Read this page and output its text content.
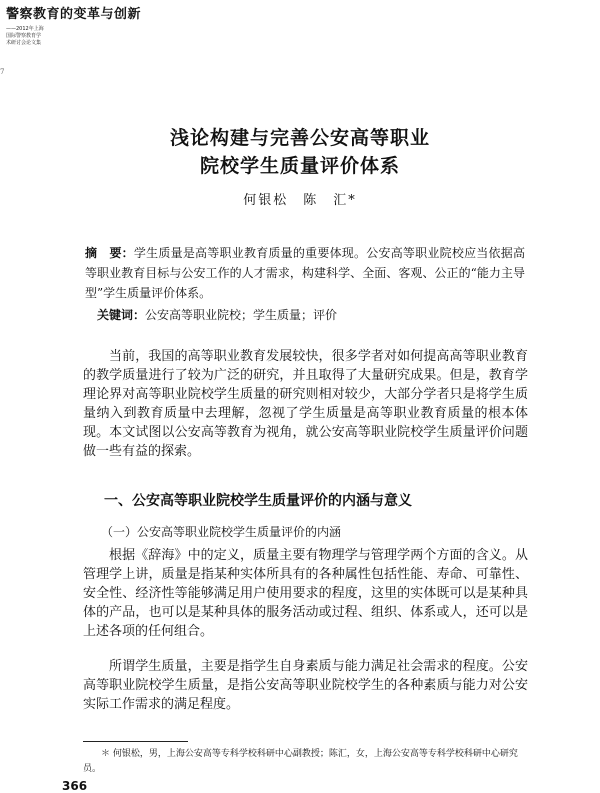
警察教育的变革与创新
——2012年上海
国际警察教育学
术研讨会论文集
7
浅论构建与完善公安高等职业
院校学生质量评价体系
何银松　陈　汇*
摘　要：学生质量是高等职业教育质量的重要体现。公安高等职业院校应当依据高等职业教育目标与公安工作的人才需求，构建科学、全面、客观、公正的“能力主导型”学生质量评价体系。
关键词：公安高等职业院校；学生质量；评价

当前，我国的高等职业教育发展较快，很多学者对如何提高高等职业教育的教学质量进行了较为广泛的研究，并且取得了大量研究成果。但是，教育学理论界对高等职业院校学生质量的研究则相对较少，大部分学者只是将学生质量纳入到教育质量中去理解，忽视了学生质量是高等职业教育质量的根本体现。本文试图以公安高等教育为视角，就公安高等职业院校学生质量评价问题做一些有益的探索。

一、公安高等职业院校学生质量评价的内涵与意义
（一）公安高等职业院校学生质量评价的内涵

根据《辞海》中的定义，质量主要有物理学与管理学两个方面的含义。从管理学上讲，质量是指某种实体所具有的各种属性包括性能、寿命、可靠性、安全性、经济性等能够满足用户使用要求的程度，这里的实体既可以是某种具体的产品，也可以是某种具体的服务活动或过程、组织、体系或人，还可以是上述各项的任何组合。

所谓学生质量，主要是指学生自身素质与能力满足社会需求的程度。公安高等职业院校学生质量，是指公安高等职业院校学生的各种素质与能力对公安实际工作需求的满足程度。

＊ 何银松，男，上海公安高等专科学校科研中心副教授；陈汇，女，上海公安高等专科学校科研中心研究员。
366
